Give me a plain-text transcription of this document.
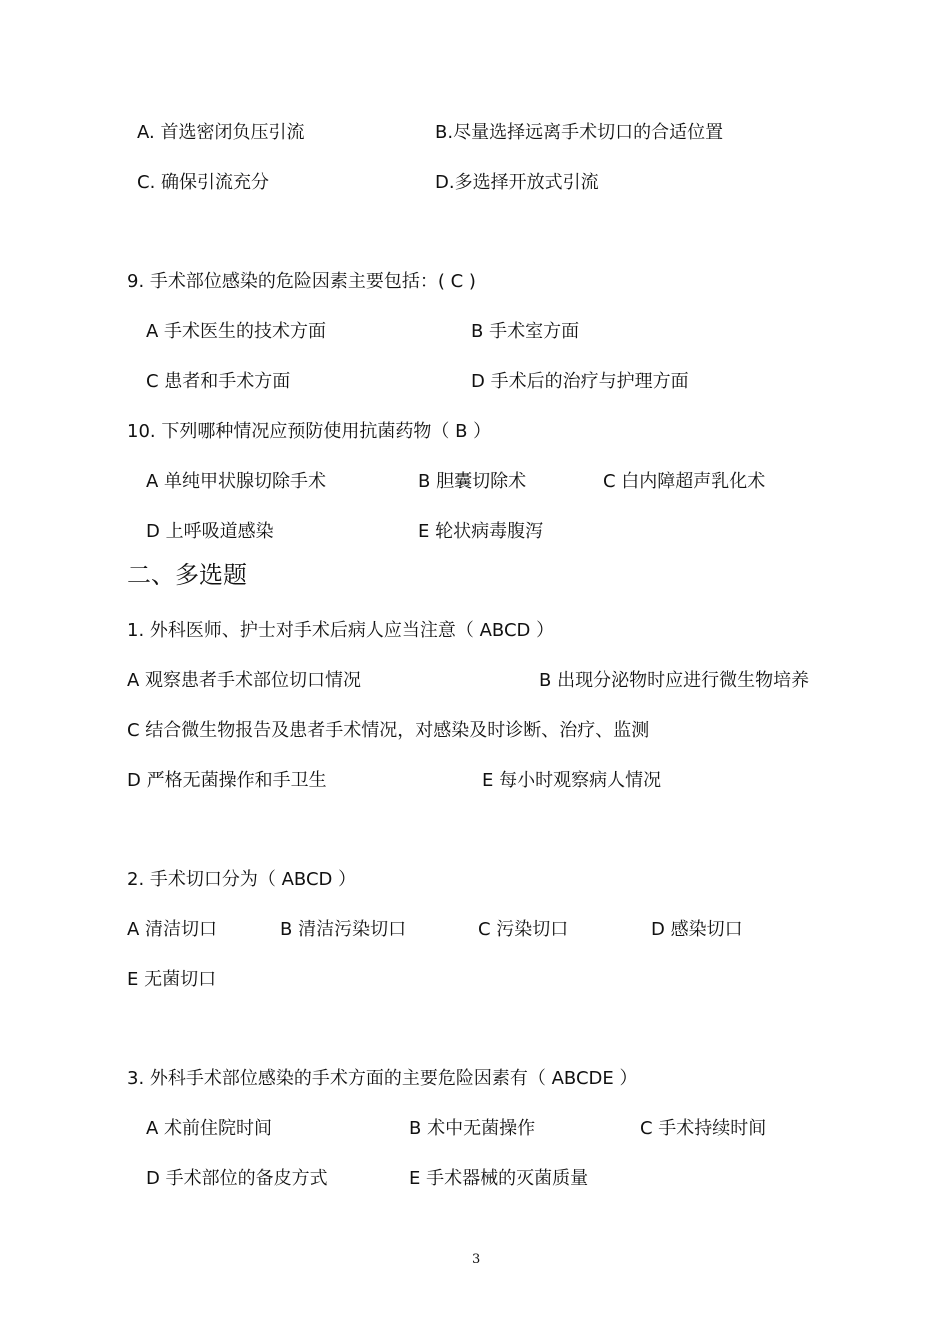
A. 首选密闭负压引流	B.尽量选择远离手术切口的合适位置
C. 确保引流充分	D.多选择开放式引流
9. 手术部位感染的危险因素主要包括：( C )
A 手术医生的技术方面	B 手术室方面
C 患者和手术方面	D 手术后的治疗与护理方面
10. 下列哪种情况应预防使用抗菌药物（ B ）
A 单纯甲状腺切除手术	B 胆囊切除术	C 白内障超声乳化术
D 上呼吸道感染	E 轮状病毒腹泻
二、多选题
1. 外科医师、护士对手术后病人应当注意（ ABCD ）
A 观察患者手术部位切口情况	B 出现分泌物时应进行微生物培养
C 结合微生物报告及患者手术情况，对感染及时诊断、治疗、监测
D 严格无菌操作和手卫生	E 每小时观察病人情况
2. 手术切口分为（ ABCD ）
A 清洁切口	B 清洁污染切口	C 污染切口	D 感染切口
E 无菌切口
3. 外科手术部位感染的手术方面的主要危险因素有（ ABCDE ）
A 术前住院时间	B 术中无菌操作	C 手术持续时间
D 手术部位的备皮方式	E 手术器械的灭菌质量
3
